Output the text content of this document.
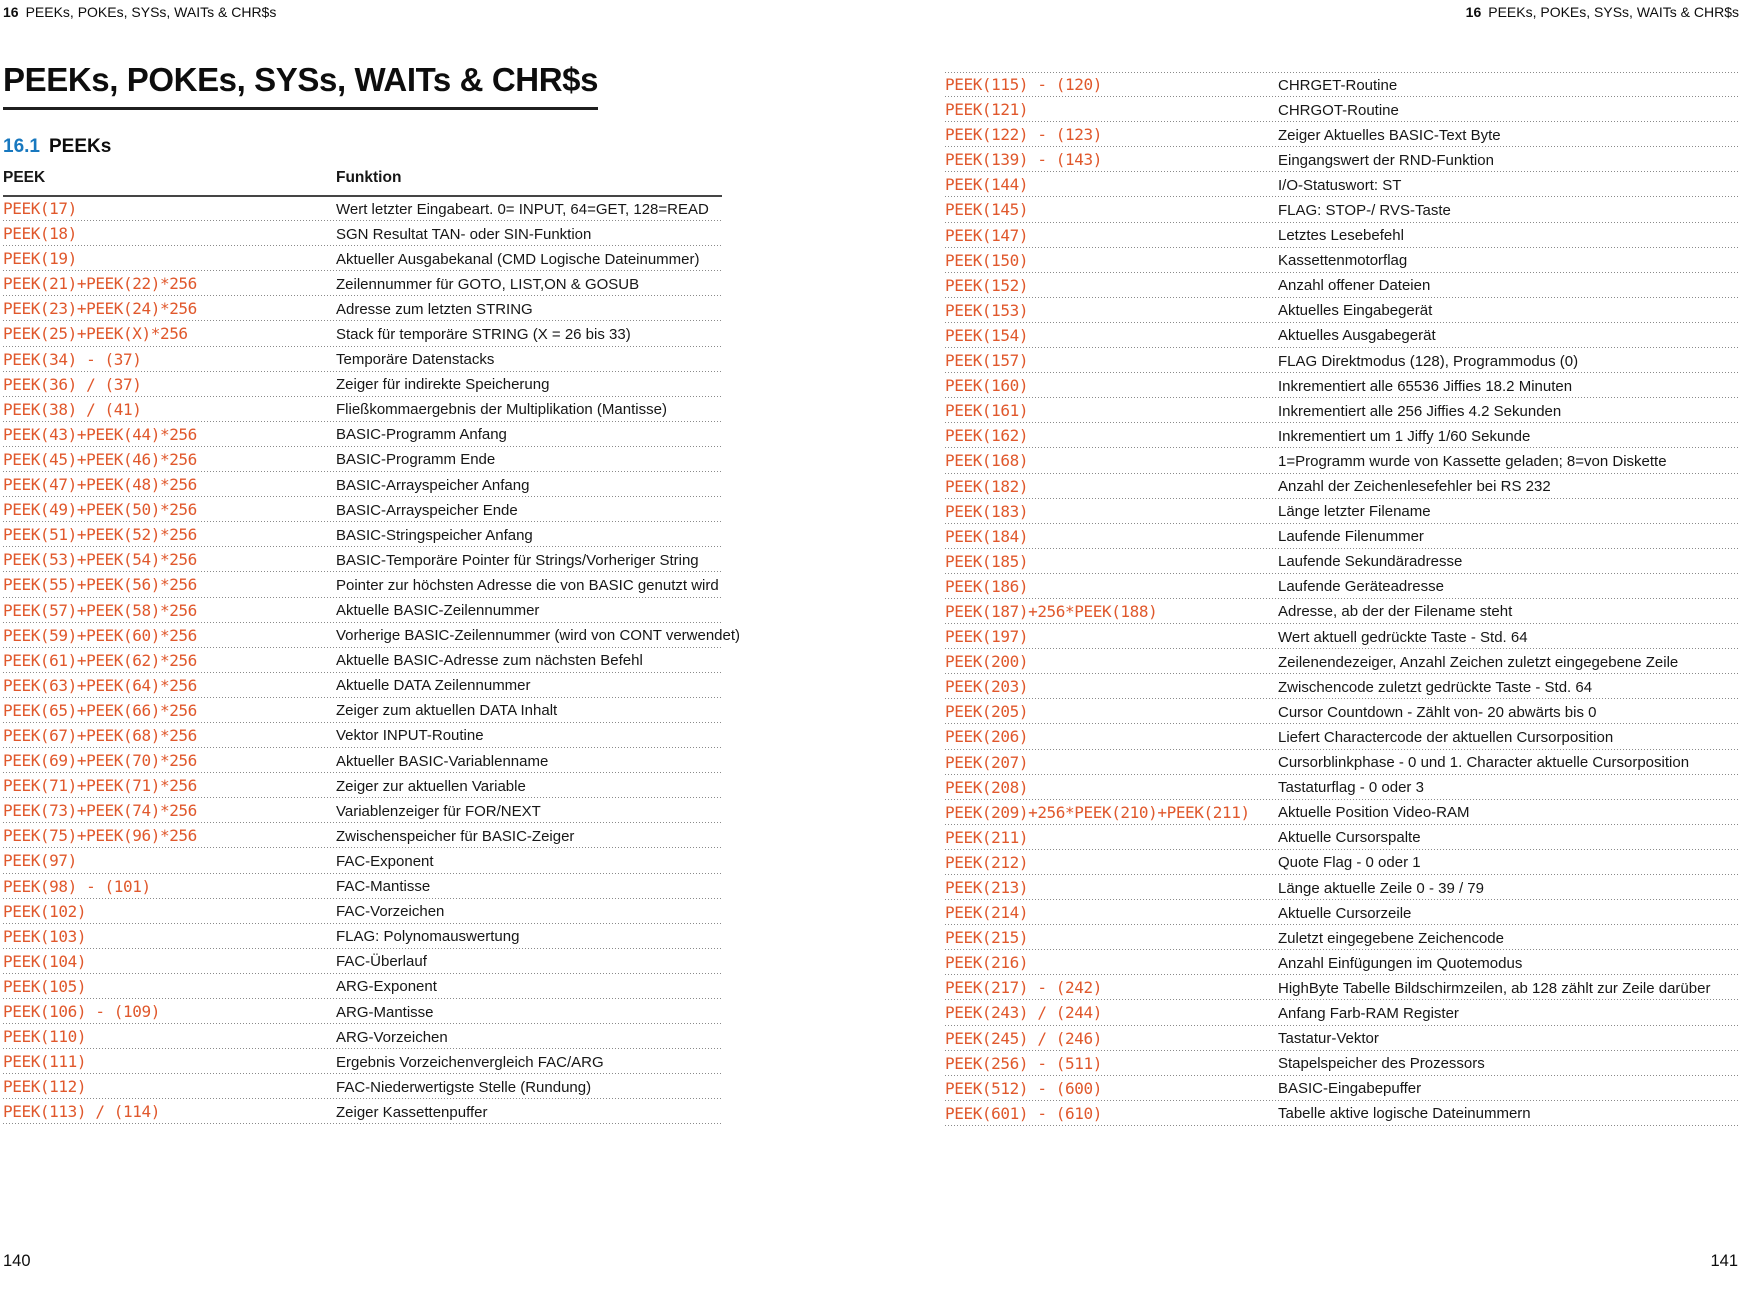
16 PEEKs, POKEs, SYSs, WAITs & CHR$s
PEEKs, POKEs, SYSs, WAITs & CHR$s
16.1 PEEKs
PEEK	Funktion
PEEK(17)	Wert letzter Eingabeart. 0= INPUT, 64=GET, 128=READ
PEEK(18)	SGN Resultat TAN- oder SIN-Funktion
PEEK(19)	Aktueller Ausgabekanal (CMD Logische Dateinummer)
PEEK(21)+PEEK(22)*256	Zeilennummer für GOTO, LIST,ON & GOSUB
PEEK(23)+PEEK(24)*256	Adresse zum letzten STRING
PEEK(25)+PEEK(X)*256	Stack für temporäre STRING (X = 26 bis 33)
PEEK(34) - (37)	Temporäre Datenstacks
PEEK(36) / (37)	Zeiger für indirekte Speicherung
PEEK(38) / (41)	Fließkommaergebnis der Multiplikation (Mantisse)
PEEK(43)+PEEK(44)*256	BASIC-Programm Anfang
PEEK(45)+PEEK(46)*256	BASIC-Programm Ende
PEEK(47)+PEEK(48)*256	BASIC-Arrayspeicher Anfang
PEEK(49)+PEEK(50)*256	BASIC-Arrayspeicher Ende
PEEK(51)+PEEK(52)*256	BASIC-Stringspeicher Anfang
PEEK(53)+PEEK(54)*256	BASIC-Temporäre Pointer für Strings/Vorheriger String
PEEK(55)+PEEK(56)*256	Pointer zur höchsten Adresse die von BASIC genutzt wird
PEEK(57)+PEEK(58)*256	Aktuelle BASIC-Zeilennummer
PEEK(59)+PEEK(60)*256	Vorherige BASIC-Zeilennummer (wird von CONT verwendet)
PEEK(61)+PEEK(62)*256	Aktuelle BASIC-Adresse zum nächsten Befehl
PEEK(63)+PEEK(64)*256	Aktuelle DATA Zeilennummer
PEEK(65)+PEEK(66)*256	Zeiger zum aktuellen DATA Inhalt
PEEK(67)+PEEK(68)*256	Vektor INPUT-Routine
PEEK(69)+PEEK(70)*256	Aktueller BASIC-Variablenname
PEEK(71)+PEEK(71)*256	Zeiger zur aktuellen Variable
PEEK(73)+PEEK(74)*256	Variablenzeiger für FOR/NEXT
PEEK(75)+PEEK(96)*256	Zwischenspeicher für BASIC-Zeiger
PEEK(97)	FAC-Exponent
PEEK(98) - (101)	FAC-Mantisse
PEEK(102)	FAC-Vorzeichen
PEEK(103)	FLAG: Polynomauswertung
PEEK(104)	FAC-Überlauf
PEEK(105)	ARG-Exponent
PEEK(106) - (109)	ARG-Mantisse
PEEK(110)	ARG-Vorzeichen
PEEK(111)	Ergebnis Vorzeichenvergleich FAC/ARG
PEEK(112)	FAC-Niederwertigste Stelle (Rundung)
PEEK(113) / (114)	Zeiger Kassettenpuffer
140
16 PEEKs, POKEs, SYSs, WAITs & CHR$s
PEEK(115) - (120)	CHRGET-Routine
PEEK(121)	CHRGOT-Routine
PEEK(122) - (123)	Zeiger Aktuelles BASIC-Text Byte
PEEK(139) - (143)	Eingangswert der RND-Funktion
PEEK(144)	I/O-Statuswort: ST
PEEK(145)	FLAG: STOP-/ RVS-Taste
PEEK(147)	Letztes Lesebefehl
PEEK(150)	Kassettenmotorflag
PEEK(152)	Anzahl offener Dateien
PEEK(153)	Aktuelles Eingabegerät
PEEK(154)	Aktuelles Ausgabegerät
PEEK(157)	FLAG Direktmodus (128), Programmodus (0)
PEEK(160)	Inkrementiert alle 65536 Jiffies 18.2 Minuten
PEEK(161)	Inkrementiert alle 256 Jiffies 4.2 Sekunden
PEEK(162)	Inkrementiert um 1 Jiffy 1/60 Sekunde
PEEK(168)	1=Programm wurde von Kassette geladen; 8=von Diskette
PEEK(182)	Anzahl der Zeichenlesefehler bei RS 232
PEEK(183)	Länge letzter Filename
PEEK(184)	Laufende Filenummer
PEEK(185)	Laufende Sekundäradresse
PEEK(186)	Laufende Geräteadresse
PEEK(187)+256*PEEK(188)	Adresse, ab der der Filename steht
PEEK(197)	Wert aktuell gedrückte Taste - Std. 64
PEEK(200)	Zeilenendezeiger, Anzahl Zeichen zuletzt eingegebene Zeile
PEEK(203)	Zwischencode zuletzt gedrückte Taste - Std. 64
PEEK(205)	Cursor Countdown - Zählt von- 20 abwärts bis 0
PEEK(206)	Liefert Charactercode der aktuellen Cursorposition
PEEK(207)	Cursorblinkphase - 0 und 1. Character aktuelle Cursorposition
PEEK(208)	Tastaturflag - 0 oder 3
PEEK(209)+256*PEEK(210)+PEEK(211)	Aktuelle Position Video-RAM
PEEK(211)	Aktuelle Cursorspalte
PEEK(212)	Quote Flag - 0 oder 1
PEEK(213)	Länge aktuelle Zeile 0 - 39 / 79
PEEK(214)	Aktuelle Cursorzeile
PEEK(215)	Zuletzt eingegebene Zeichencode
PEEK(216)	Anzahl Einfügungen im Quotemodus
PEEK(217) - (242)	HighByte Tabelle Bildschirmzeilen, ab 128 zählt zur Zeile darüber
PEEK(243) / (244)	Anfang Farb-RAM Register
PEEK(245) / (246)	Tastatur-Vektor
PEEK(256) - (511)	Stapelspeicher des Prozessors
PEEK(512) - (600)	BASIC-Eingabepuffer
PEEK(601) - (610)	Tabelle aktive logische Dateinummern
141
